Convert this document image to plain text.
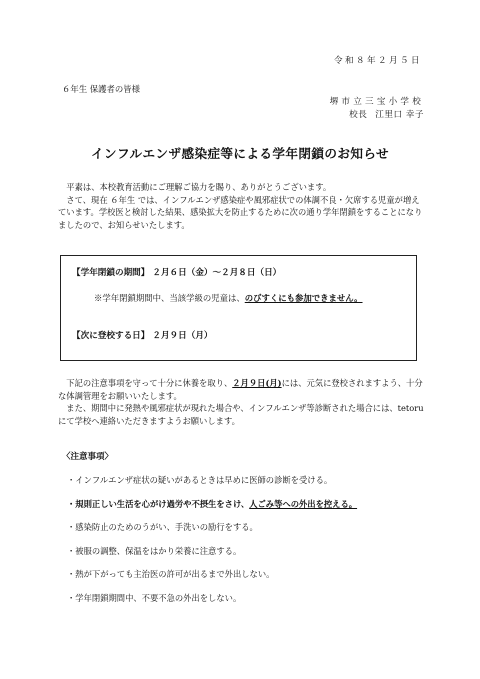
令和８年２月５日
６年生 保護者の皆様
堺市立三宝小学校
校長 江里口 幸子
インフルエンザ感染症等による学年閉鎖のお知らせ
平素は、本校教育活動にご理解ご協力を賜り、ありがとうございます。
さて、現在 ６年生 では、インフルエンザ感染症や風邪症状での体調不良・欠席する児童が増えています。学校医と検討した結果、感染拡大を防止するために次の通り学年閉鎖をすることになりましたので、お知らせいたします。
【学年閉鎖の期間】 ２月６日（金）～２月８日（日）
※学年閉鎖期間中、当該学級の児童は、のびすくにも参加できません。
【次に登校する日】 ２月９日（月）
下記の注意事項を守って十分に休養を取り、２月９日(月)には、元気に登校されますよう、十分な体調管理をお願いいたします。
また、期間中に発熱や風邪症状が現れた場合や、インフルエンザ等診断された場合には、tetoruにて学校へ連絡いただきますようお願いします。
〈注意事項〉
・インフルエンザ症状の疑いがあるときは早めに医師の診断を受ける。
・規則正しい生活を心がけ過労や不摂生をさけ、人ごみ等への外出を控える。
・感染防止のためのうがい、手洗いの励行をする。
・被服の調整、保温をはかり栄養に注意する。
・熱が下がっても主治医の許可が出るまで外出しない。
・学年閉鎖期間中、不要不急の外出をしない。
